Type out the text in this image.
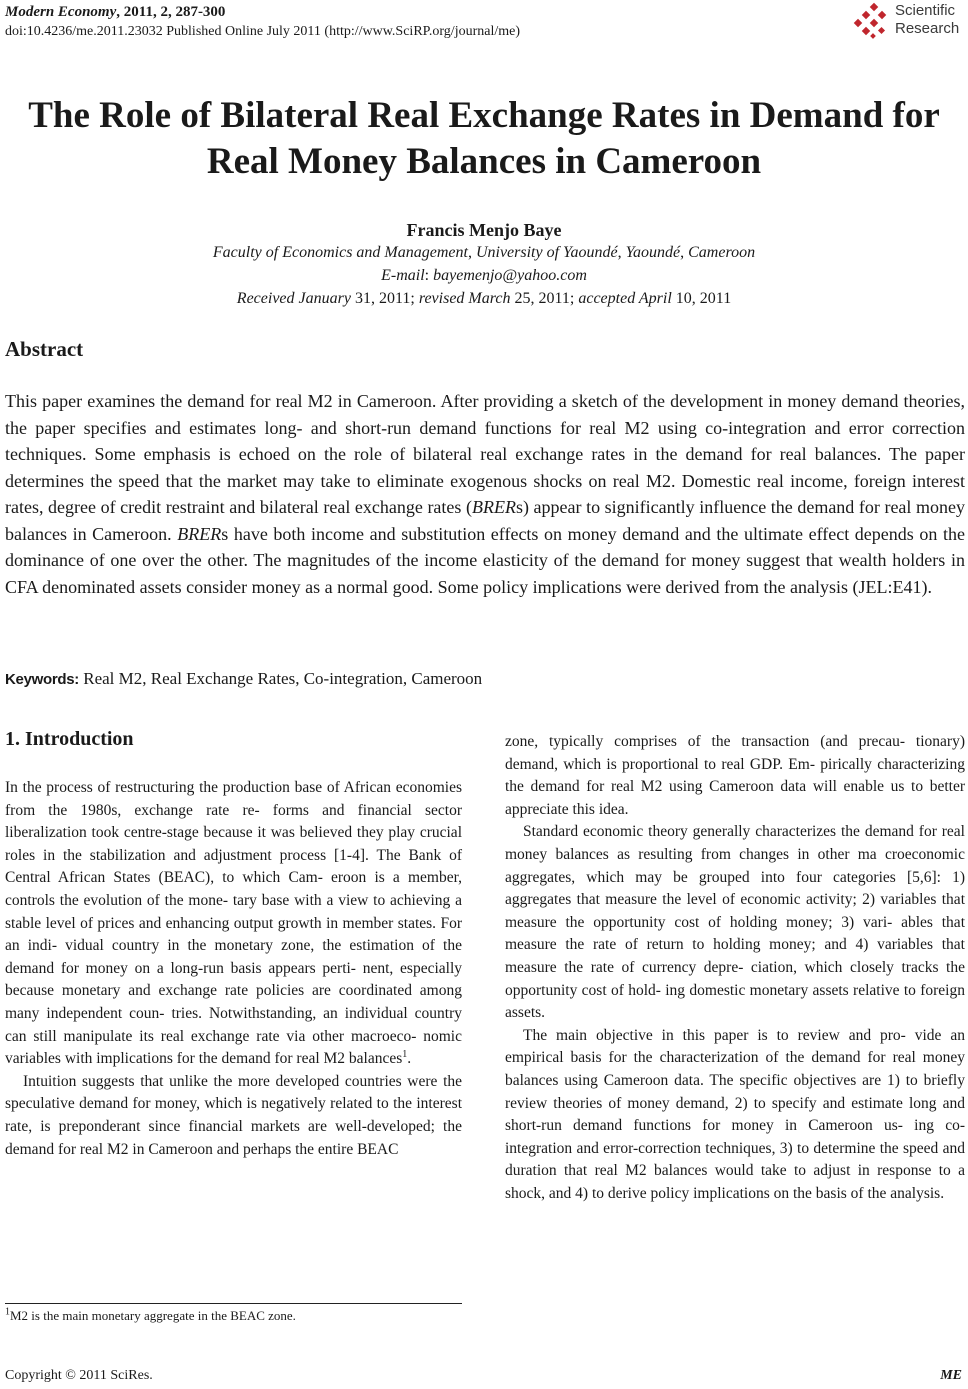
Modern Economy, 2011, 2, 287-300
doi:10.4236/me.2011.23032 Published Online July 2011 (http://www.SciRP.org/journal/me)
Scientific
Research
The Role of Bilateral Real Exchange Rates in Demand for
Real Money Balances in Cameroon
Francis Menjo Baye
Faculty of Economics and Management, University of Yaoundé, Yaoundé, Cameroon
E-mail: bayemenjo@yahoo.com
Received January 31, 2011; revised March 25, 2011; accepted April 10, 2011
Abstract
This paper examines the demand for real M2 in Cameroon. After providing a sketch of the development in money demand theories, the paper specifies and estimates long- and short-run demand functions for real M2 using co-integration and error correction techniques. Some emphasis is echoed on the role of bilateral real exchange rates in the demand for real balances. The paper determines the speed that the market may take to eliminate exogenous shocks on real M2. Domestic real income, foreign interest rates, degree of credit restraint and bilateral real exchange rates (BRERs) appear to significantly influence the demand for real money balances in Cameroon. BRERs have both income and substitution effects on money demand and the ultimate effect depends on the dominance of one over the other. The magnitudes of the income elasticity of the demand for money suggest that wealth holders in CFA denominated assets consider money as a normal good. Some policy implications were derived from the analysis (JEL:E41).
Keywords: Real M2, Real Exchange Rates, Co-integration, Cameroon
1. Introduction

In the process of restructuring the production base of African economies from the 1980s, exchange rate re- forms and financial sector liberalization took centre-stage because it was believed they play crucial roles in the stabilization and adjustment process [1-4]. The Bank of Central African States (BEAC), to which Cam- eroon is a member, controls the evolution of the mone- tary base with a view to achieving a stable level of prices and enhancing output growth in member states. For an indi- vidual country in the monetary zone, the estimation of the demand for money on a long-run basis appears perti- nent, especially because monetary and exchange rate policies are coordinated among many independent coun- tries. Notwithstanding, an individual country can still manipulate its real exchange rate via other macroeco- nomic variables with implications for the demand for real M2 balances$^1$.

Intuition suggests that unlike the more developed countries were the speculative demand for money, which is negatively related to the interest rate, is preponderant since financial markets are well-developed; the demand for real M2 in Cameroon and perhaps the entire BEAC

zone, typically comprises of the transaction (and precau- tionary) demand, which is proportional to real GDP. Em- pirically characterizing the demand for real M2 using Cameroon data will enable us to better appreciate this idea.

Standard economic theory generally characterizes the demand for real money balances as resulting from changes in other ma croeconomic aggregates, which may be grouped into four categories [5,6]: 1) aggregates that measure the level of economic activity; 2) variables that measure the opportunity cost of holding money; 3) vari- ables that measure the rate of return to holding money; and 4) variables that measure the rate of currency depre- ciation, which closely tracks the opportunity cost of hold- ing domestic monetary assets relative to foreign assets.

The main objective in this paper is to review and pro- vide an empirical basis for the characterization of the demand for real money balances using Cameroon data. The specific objectives are 1) to briefly review theories of money demand, 2) to specify and estimate long and short-run demand functions for money in Cameroon us- ing co-integration and error-correction techniques, 3) to determine the speed and duration that real M2 balances would take to adjust in response to a shock, and 4) to derive policy implications on the basis of the analysis.

$^1$M2 is the main monetary aggregate in the BEAC zone.
Copyright © 2011 SciRes.	ME
